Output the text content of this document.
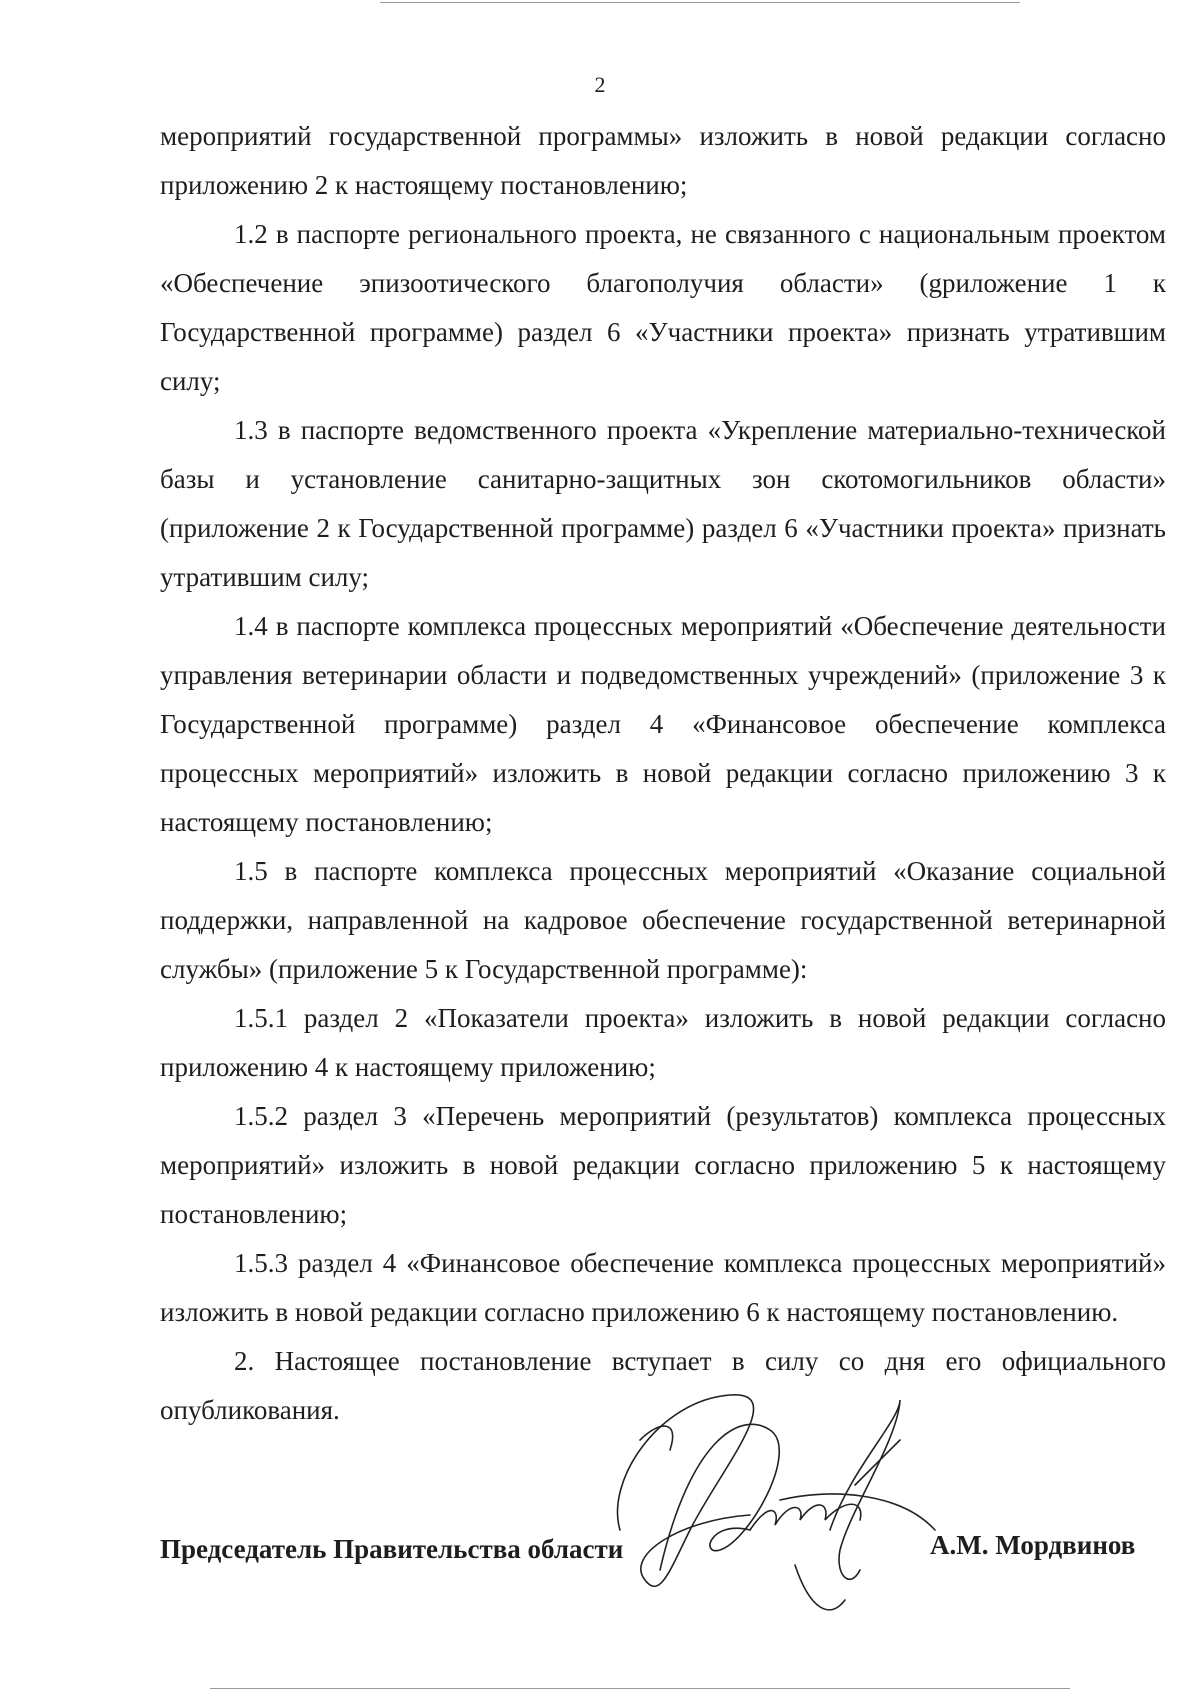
2

мероприятий государственной программы» изложить в новой редакции согласно приложению 2 к настоящему постановлению;

1.2 в паспорте регионального проекта, не связанного с национальным проектом «Обеспечение эпизоотического благополучия области» (gриложение 1 к Государственной программе) раздел 6 «Участники проекта» признать утратившим силу;

1.3 в паспорте ведомственного проекта «Укрепление материально-технической базы и установление санитарно-защитных зон скотомогильников области» (приложение 2 к Государственной программе) раздел 6 «Участники проекта» признать утратившим силу;

1.4 в паспорте комплекса процессных мероприятий «Обеспечение деятельности управления ветеринарии области и подведомственных учреждений» (приложение 3 к Государственной программе) раздел 4 «Финансовое обеспечение комплекса процессных мероприятий» изложить в новой редакции согласно приложению 3 к настоящему постановлению;

1.5 в паспорте комплекса процессных мероприятий «Оказание социальной поддержки, направленной на кадровое обеспечение государственной ветеринарной службы» (приложение 5 к Государственной программе):

1.5.1 раздел 2 «Показатели проекта» изложить в новой редакции согласно приложению 4 к настоящему приложению;

1.5.2 раздел 3 «Перечень мероприятий (результатов) комплекса процессных мероприятий» изложить в новой редакции согласно приложению 5 к настоящему постановлению;

1.5.3 раздел 4 «Финансовое обеспечение комплекса процессных мероприятий» изложить в новой редакции согласно приложению 6 к настоящему постановлению.

2. Настоящее постановление вступает в силу со дня его официального опубликования.

Председатель Правительства области	А.М. Мордвинов
